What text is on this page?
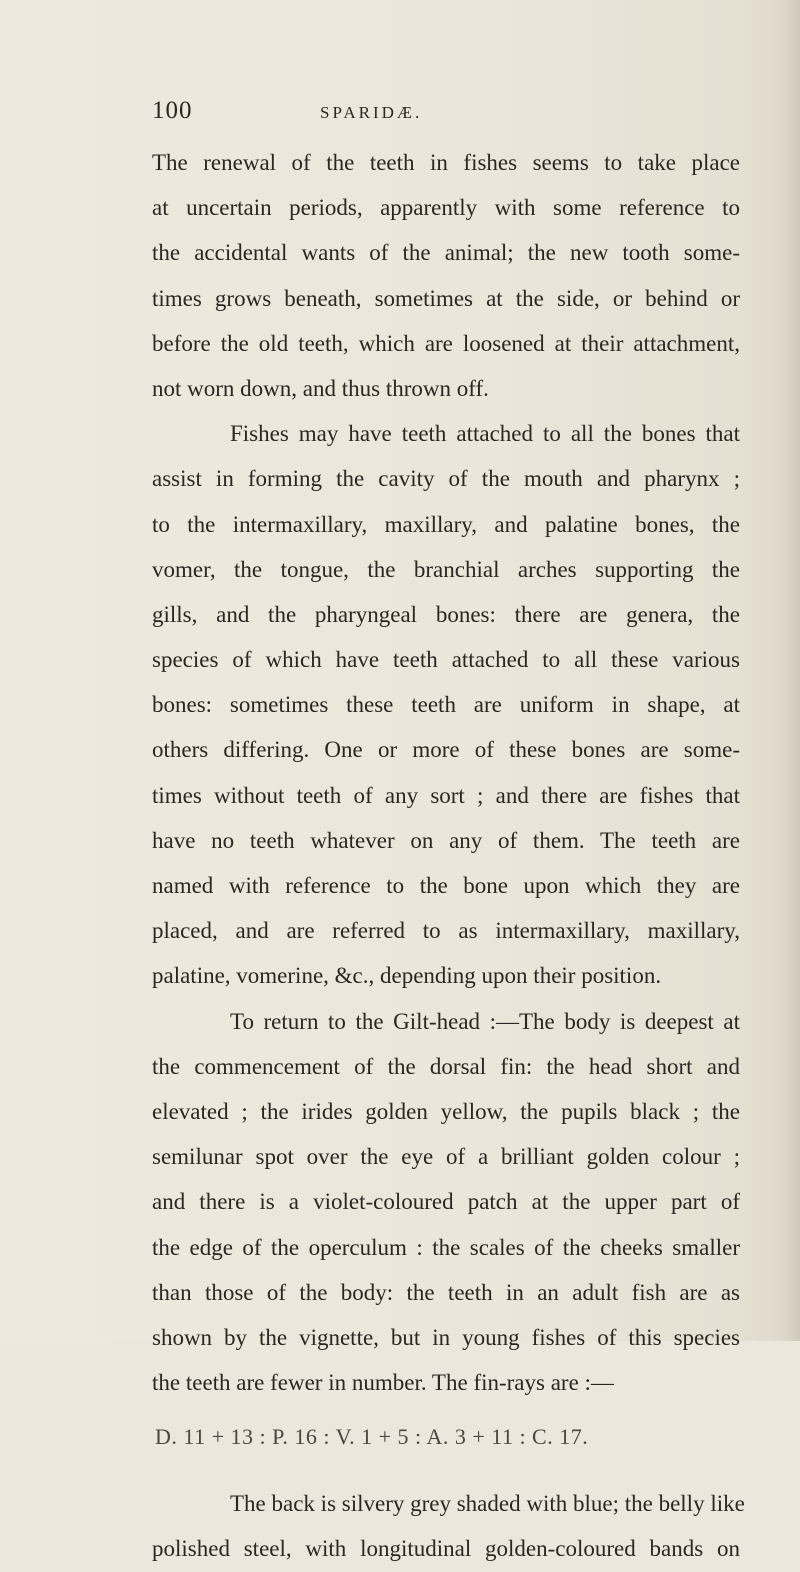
100	SPARIDÆ.
The renewal of the teeth in fishes seems to take place
at uncertain periods, apparently with some reference to
the accidental wants of the animal; the new tooth some-
times grows beneath, sometimes at the side, or behind or
before the old teeth, which are loosened at their attachment,
not worn down, and thus thrown off.
Fishes may have teeth attached to all the bones that
assist in forming the cavity of the mouth and pharynx ;
to the intermaxillary, maxillary, and palatine bones, the
vomer, the tongue, the branchial arches supporting the
gills, and the pharyngeal bones: there are genera, the
species of which have teeth attached to all these various
bones: sometimes these teeth are uniform in shape, at
others differing. One or more of these bones are some-
times without teeth of any sort ; and there are fishes that
have no teeth whatever on any of them. The teeth are
named with reference to the bone upon which they are
placed, and are referred to as intermaxillary, maxillary,
palatine, vomerine, &c., depending upon their position.
To return to the Gilt-head :—The body is deepest at
the commencement of the dorsal fin: the head short and
elevated ; the irides golden yellow, the pupils black ; the
semilunar spot over the eye of a brilliant golden colour ;
and there is a violet-coloured patch at the upper part of
the edge of the operculum : the scales of the cheeks smaller
than those of the body: the teeth in an adult fish are as
shown by the vignette, but in young fishes of this species
the teeth are fewer in number. The fin-rays are :—
D. 11 + 13 : P. 16 : V. 1 + 5 : A. 3 + 11 : C. 17.
The back is silvery grey shaded with blue; the belly like
polished steel, with longitudinal golden-coloured bands on
